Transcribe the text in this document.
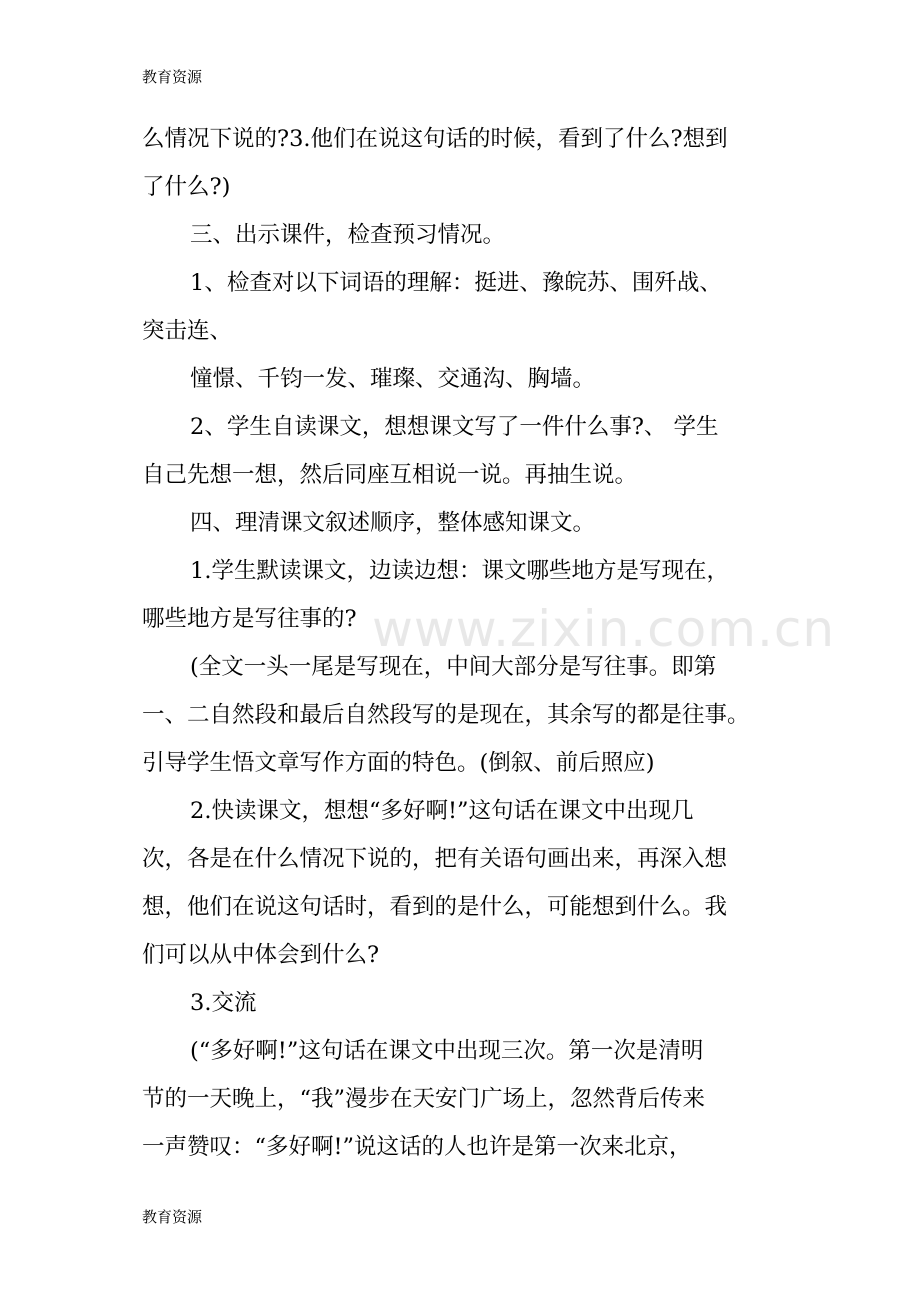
教育资源
www.zixin.com.cn
么情况下说的?3.他们在说这句话的时候，看到了什么?想到
了什么?)
三、出示课件，检查预习情况。
1、检查对以下词语的理解：挺进、豫皖苏、围歼战、
突击连、
憧憬、千钧一发、璀璨、交通沟、胸墙。
2、学生自读课文，想想课文写了一件什么事?、 学生
自己先想一想，然后同座互相说一说。再抽生说。
四、理清课文叙述顺序，整体感知课文。
1.学生默读课文，边读边想：课文哪些地方是写现在，
哪些地方是写往事的?
(全文一头一尾是写现在，中间大部分是写往事。即第
一、二自然段和最后自然段写的是现在，其余写的都是往事。
引导学生悟文章写作方面的特色。(倒叙、前后照应)
2.快读课文，想想“多好啊!”这句话在课文中出现几
次，各是在什么情况下说的，把有关语句画出来，再深入想
想，他们在说这句话时，看到的是什么，可能想到什么。我
们可以从中体会到什么?
3.交流
(“多好啊!”这句话在课文中出现三次。第一次是清明
节的一天晚上，“我”漫步在天安门广场上，忽然背后传来
一声赞叹：“多好啊!”说这话的人也许是第一次来北京，
教育资源
